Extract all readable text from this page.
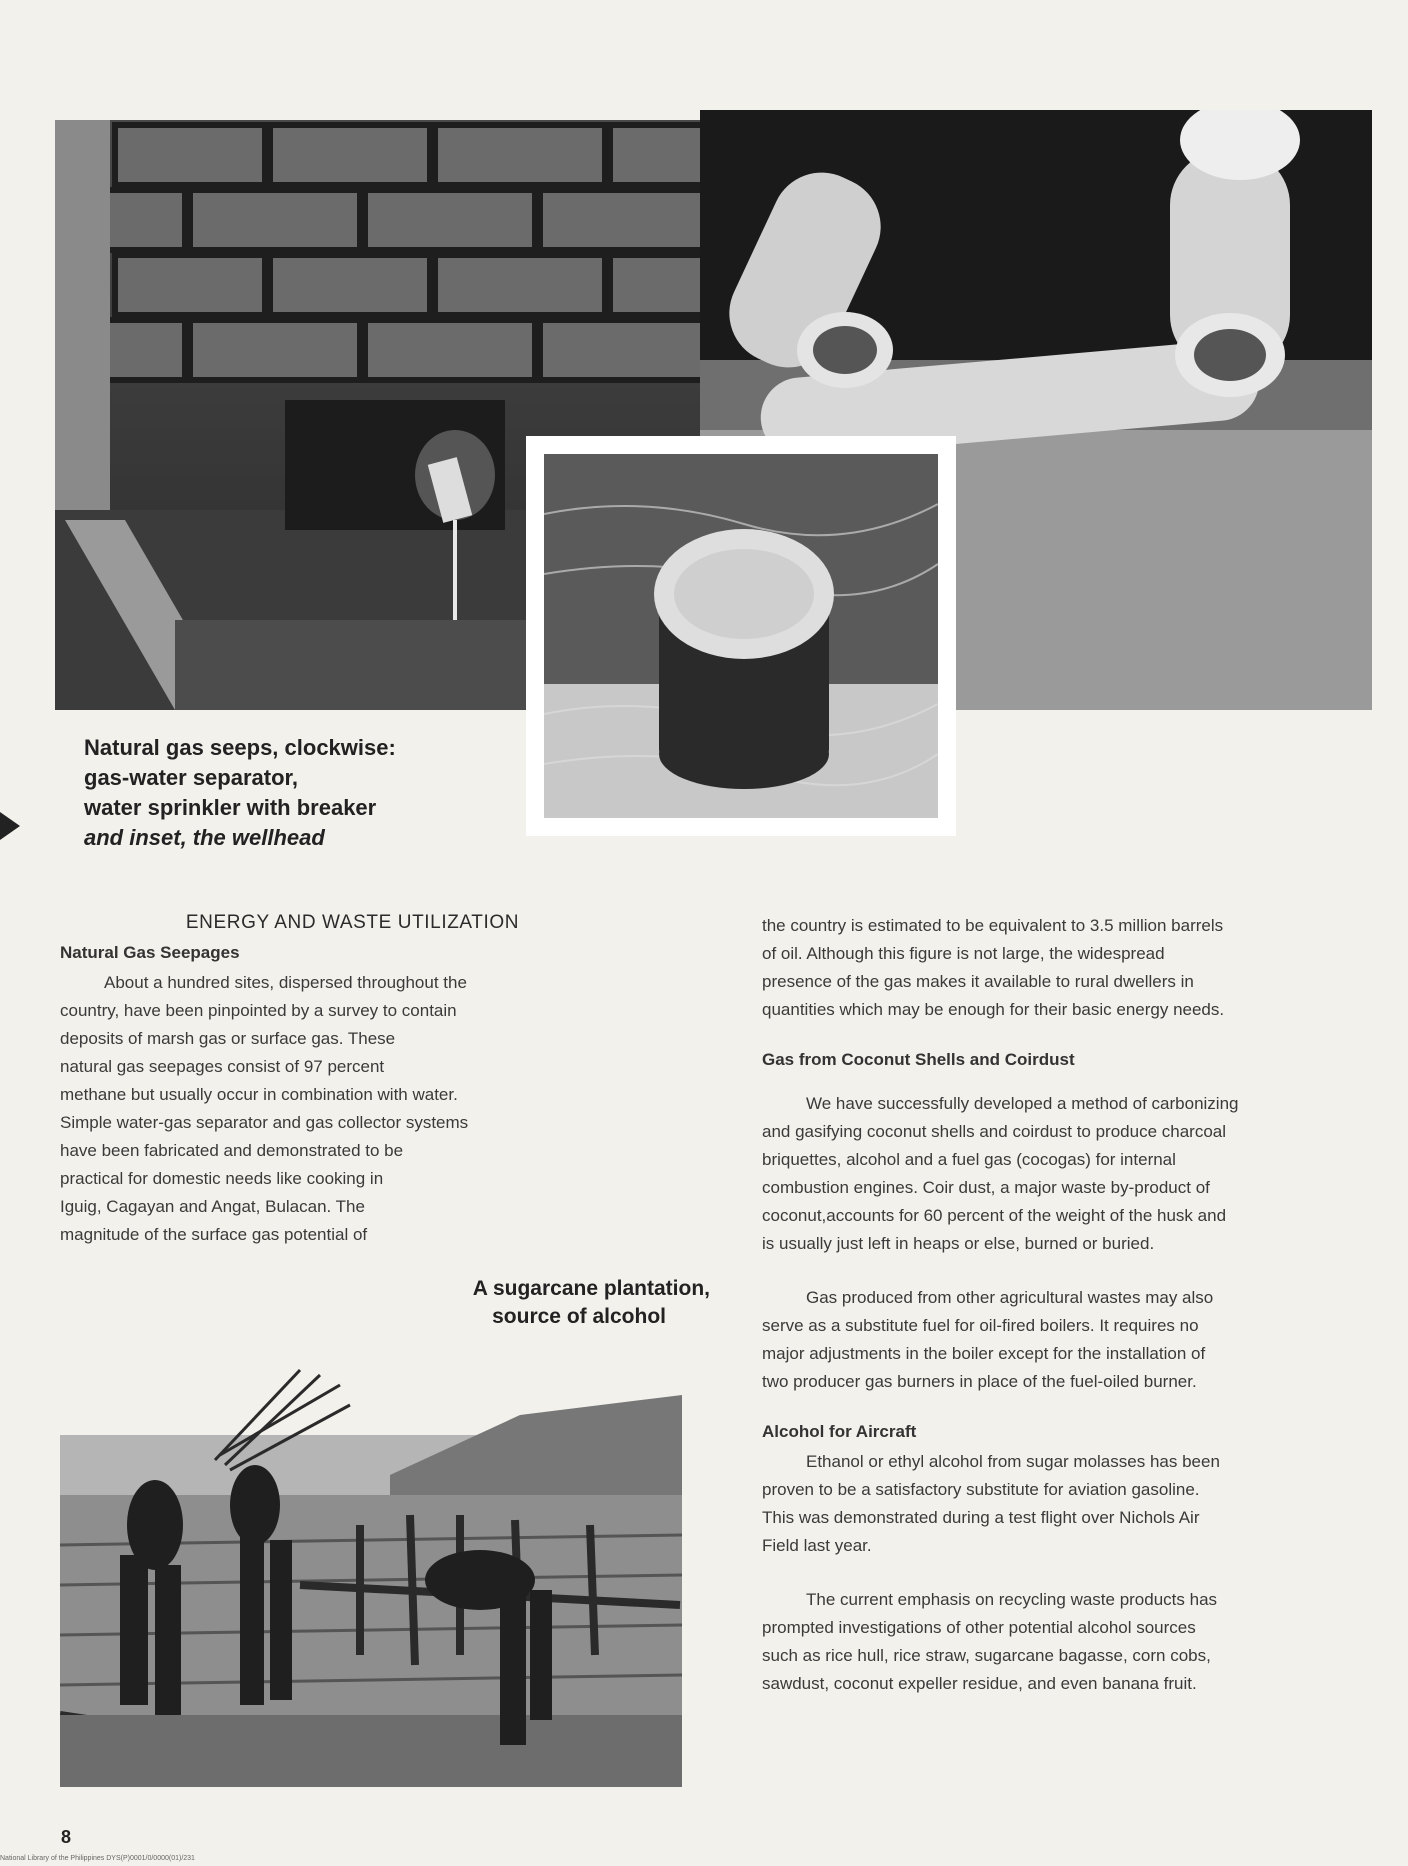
Natural gas seeps, clockwise:
gas-water separator,
water sprinkler with breaker
and inset, the wellhead
A sugarcane plantation,
source of alcohol
ENERGY AND WASTE UTILIZATION
Natural Gas Seepages
About a hundred sites, dispersed throughout the
country, have been pinpointed by a survey to contain
deposits of marsh gas or surface gas. These
natural gas seepages consist of 97 percent
methane but usually occur in combination with water.
Simple water-gas separator and gas collector systems
have been fabricated and demonstrated to be
practical for domestic needs like cooking in
Iguig, Cagayan and Angat, Bulacan. The
magnitude of the surface gas potential of
the country is estimated to be equivalent to 3.5 million barrels
of oil. Although this figure is not large, the widespread
presence of the gas makes it available to rural dwellers in
quantities which may be enough for their basic energy needs.
Gas from Coconut Shells and Coirdust
We have successfully developed a method of carbonizing
and gasifying coconut shells and coirdust to produce charcoal
briquettes, alcohol and a fuel gas (cocogas) for internal
combustion engines. Coir dust, a major waste by-product of
coconut,accounts for 60 percent of the weight of the husk and
is usually just left in heaps or else, burned or buried.
Gas produced from other agricultural wastes may also
serve as a substitute fuel for oil-fired boilers. It requires no
major adjustments in the boiler except for the installation of
two producer gas burners in place of the fuel-oiled burner.
Alcohol for Aircraft
Ethanol or ethyl alcohol from sugar molasses has been
proven to be a satisfactory substitute for aviation gasoline.
This was demonstrated during a test flight over Nichols Air
Field last year.
The current emphasis on recycling waste products has
prompted investigations of other potential alcohol sources
such as rice hull, rice straw, sugarcane bagasse, corn cobs,
sawdust, coconut expeller residue, and even banana fruit.
8
National Library of the Philippines DYS(P)0001/0/0000(01)/231
